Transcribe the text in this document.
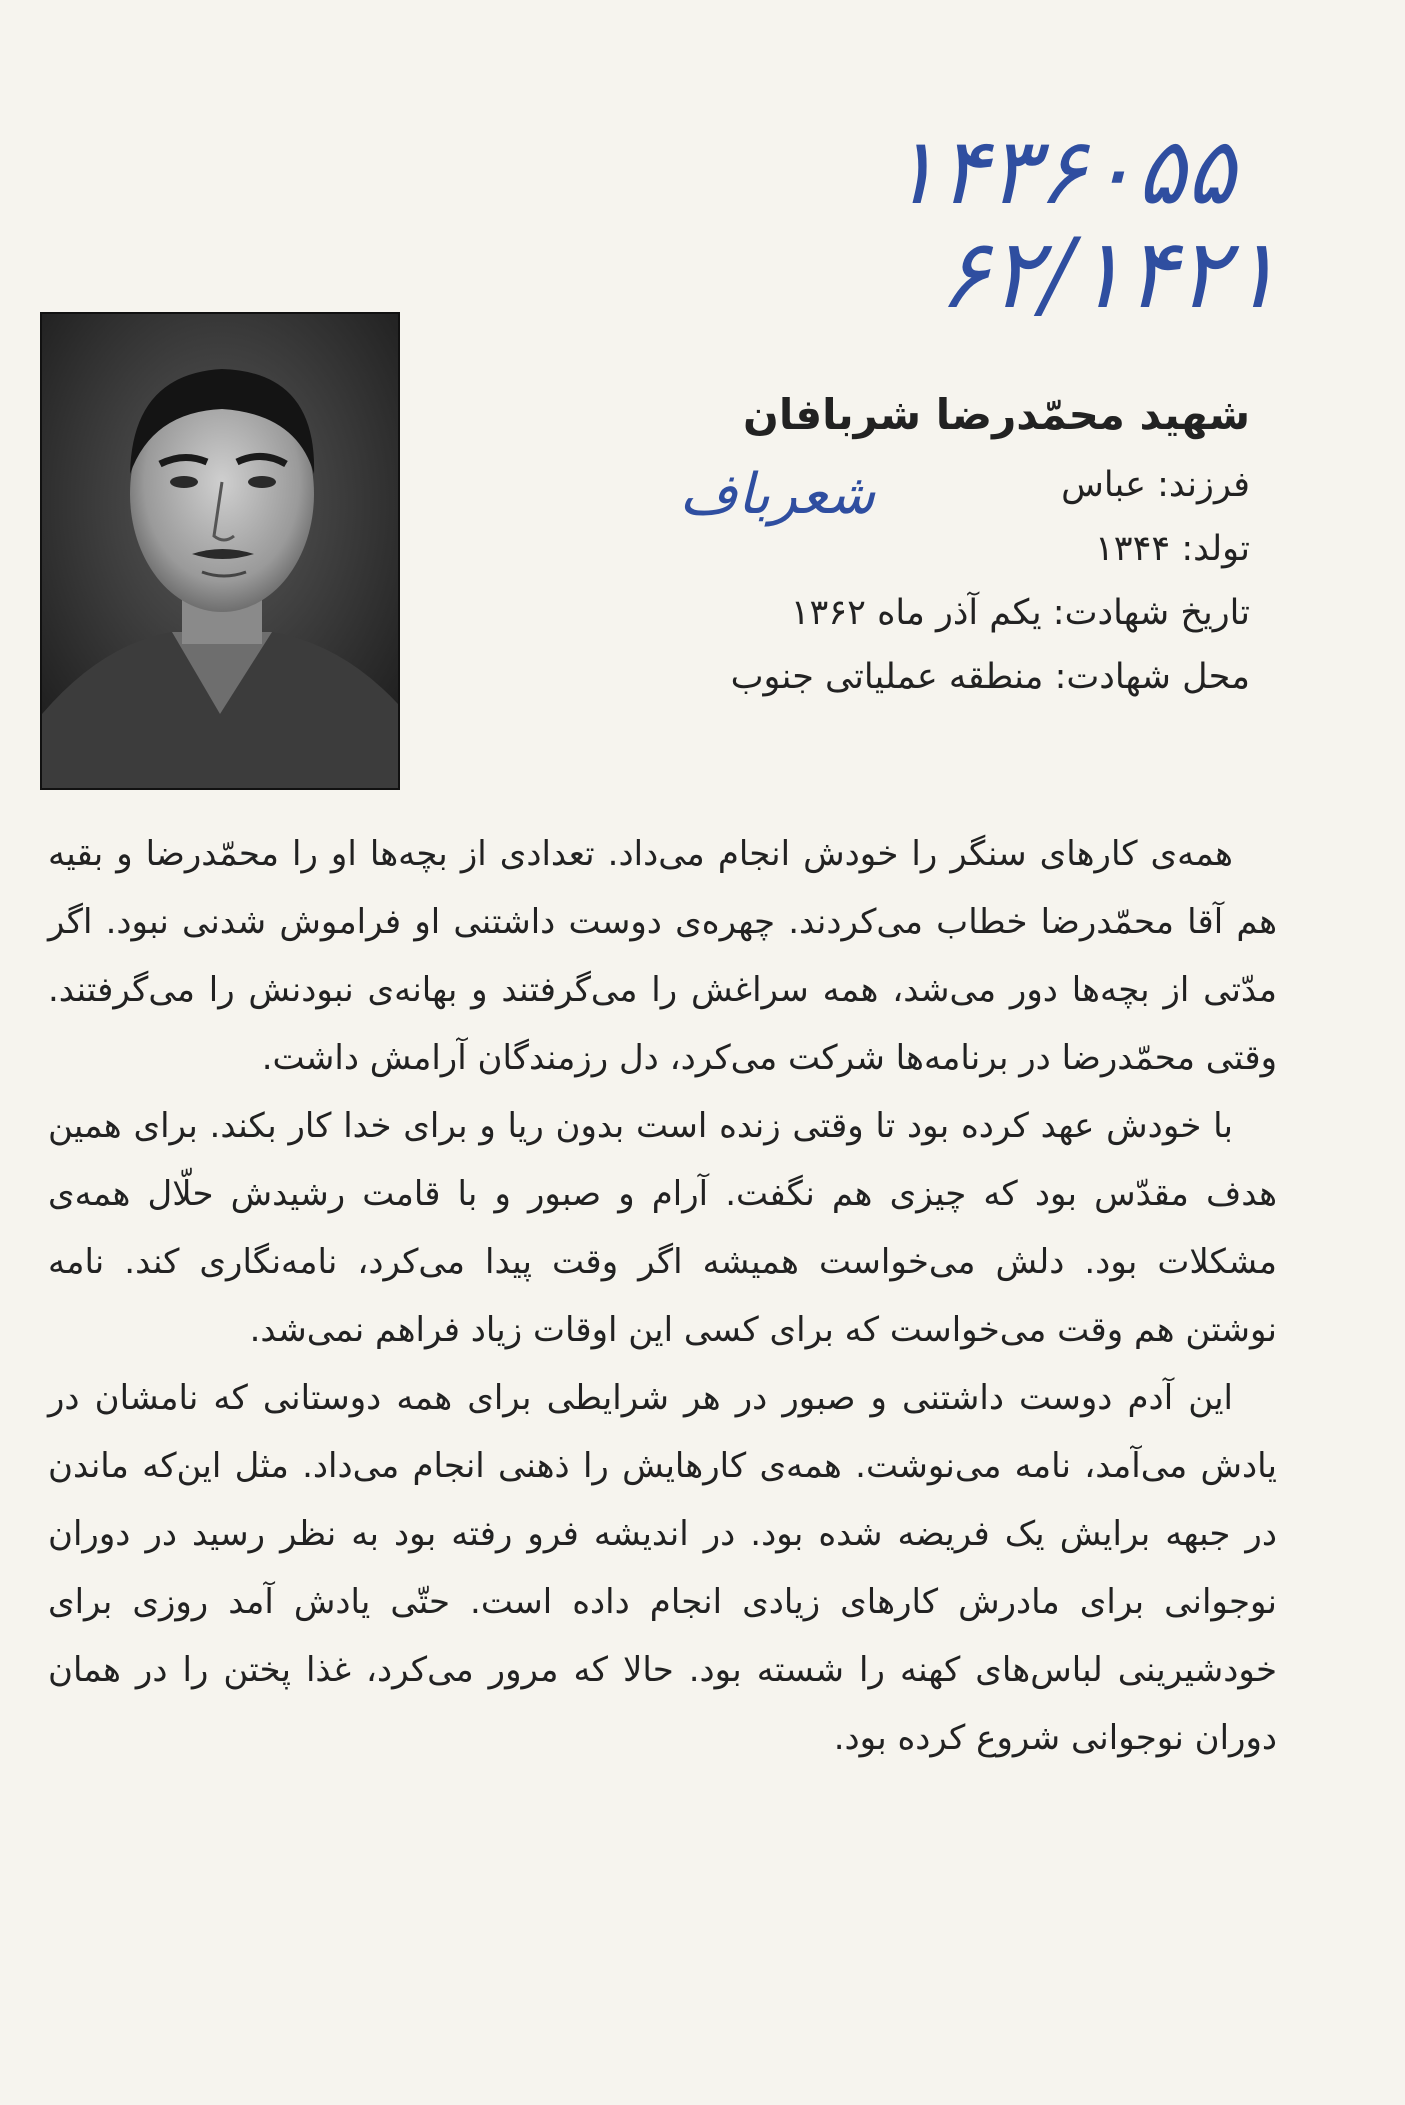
۱۴۳۶۰۵۵
۶۲/۱۴۲۱
شعرباف
شهید محمّدرضا شربافان

فرزند: عباس

تولد: ۱۳۴۴

تاریخ شهادت: یکم آذر ماه ۱۳۶۲

محل شهادت: منطقه عملیاتی جنوب

همه‌ی کارهای سنگر را خودش انجام می‌داد. تعدادی از بچه‌ها او را محمّدرضا و بقیه هم آقا محمّدرضا خطاب می‌کردند. چهره‌ی دوست داشتنی او فراموش شدنی نبود. اگر مدّتی از بچه‌ها دور می‌شد، همه سراغش را می‌گرفتند و بهانه‌ی نبودنش را می‌گرفتند. وقتی محمّدرضا در برنامه‌ها شرکت می‌کرد، دل رزمندگان آرامش داشت.

با خودش عهد کرده بود تا وقتی زنده است بدون ریا و برای خدا کار بکند. برای همین هدف مقدّس بود که چیزی هم نگفت. آرام و صبور و با قامت رشیدش حلّال همه‌ی مشکلات بود. دلش می‌خواست همیشه اگر وقت پیدا می‌کرد، نامه‌نگاری کند. نامه نوشتن هم وقت می‌خواست که برای کسی این اوقات زیاد فراهم نمی‌شد.

این آدم دوست داشتنی و صبور در هر شرایطی برای همه دوستانی که نامشان در یادش می‌آمد، نامه می‌نوشت. همه‌ی کارهایش را ذهنی انجام می‌داد. مثل این‌که ماندن در جبهه برایش یک فریضه شده بود. در اندیشه فرو رفته بود به نظر رسید در دوران نوجوانی برای مادرش کارهای زیادی انجام داده است. حتّی یادش آمد روزی برای خودشیرینی لباس‌های کهنه را شسته بود. حالا که مرور می‌کرد، غذا پختن را در همان دوران نوجوانی شروع کرده بود.
